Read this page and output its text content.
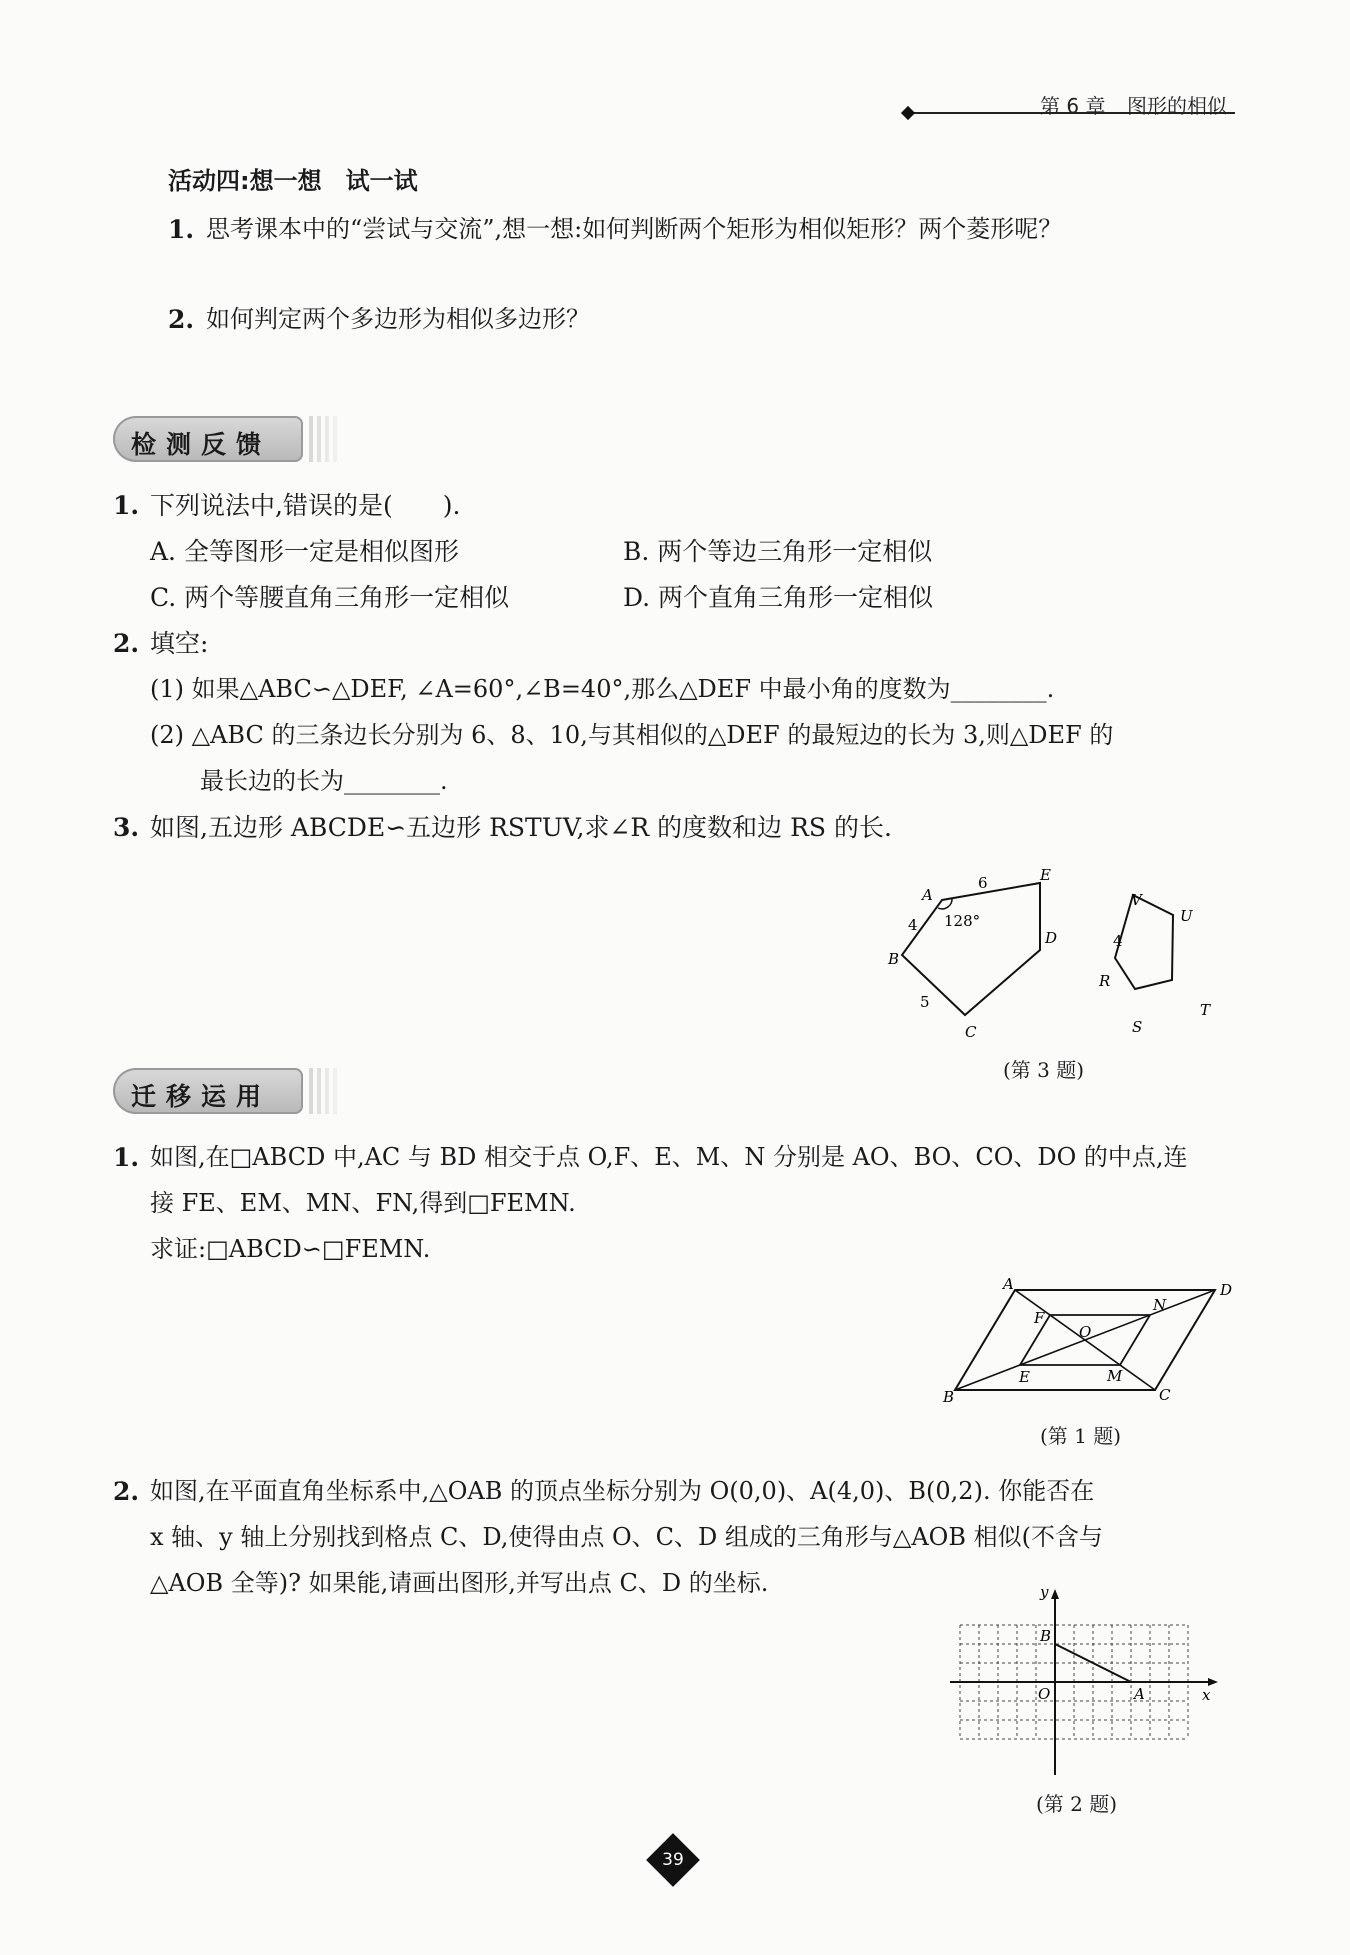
第 6 章 图形的相似
活动四:想一想　试一试
1. 思考课本中的“尝试与交流”,想一想:如何判断两个矩形为相似矩形？两个菱形呢？
2. 如何判定两个多边形为相似多边形？
检测反馈
1. 下列说法中,错误的是(　　).
A. 全等图形一定是相似图形	B. 两个等边三角形一定相似
C. 两个等腰直角三角形一定相似	D. 两个直角三角形一定相似
2. 填空:
(1) 如果△ABC∽△DEF, ∠A=60°,∠B=40°,那么△DEF 中最小角的度数为________.
(2) △ABC 的三条边长分别为 6、8、10,与其相似的△DEF 的最短边的长为 3,则△DEF 的
最长边的长为________.
3. 如图,五边形 ABCDE∽五边形 RSTUV,求∠R 的度数和边 RS 的长.
A
B
C
D
E
6
4
5
128°
R
S
T
U
V
4
(第 3 题)
迁移运用
1. 如图,在□ABCD 中,AC 与 BD 相交于点 O,F、E、M、N 分别是 AO、BO、CO、DO 的中点,连
接 FE、EM、MN、FN,得到□FEMN.
求证:□ABCD∽□FEMN.
A
B	C
D
F
E	M
N
O
(第 1 题)
2. 如图,在平面直角坐标系中,△OAB 的顶点坐标分别为 O(0,0)、A(4,0)、B(0,2). 你能否在
x 轴、y 轴上分别找到格点 C、D,使得由点 O、C、D 组成的三角形与△AOB 相似(不含与
△AOB 全等)? 如果能,请画出图形,并写出点 C、D 的坐标.	y
x
B
O	A
(第 2 题)
39
